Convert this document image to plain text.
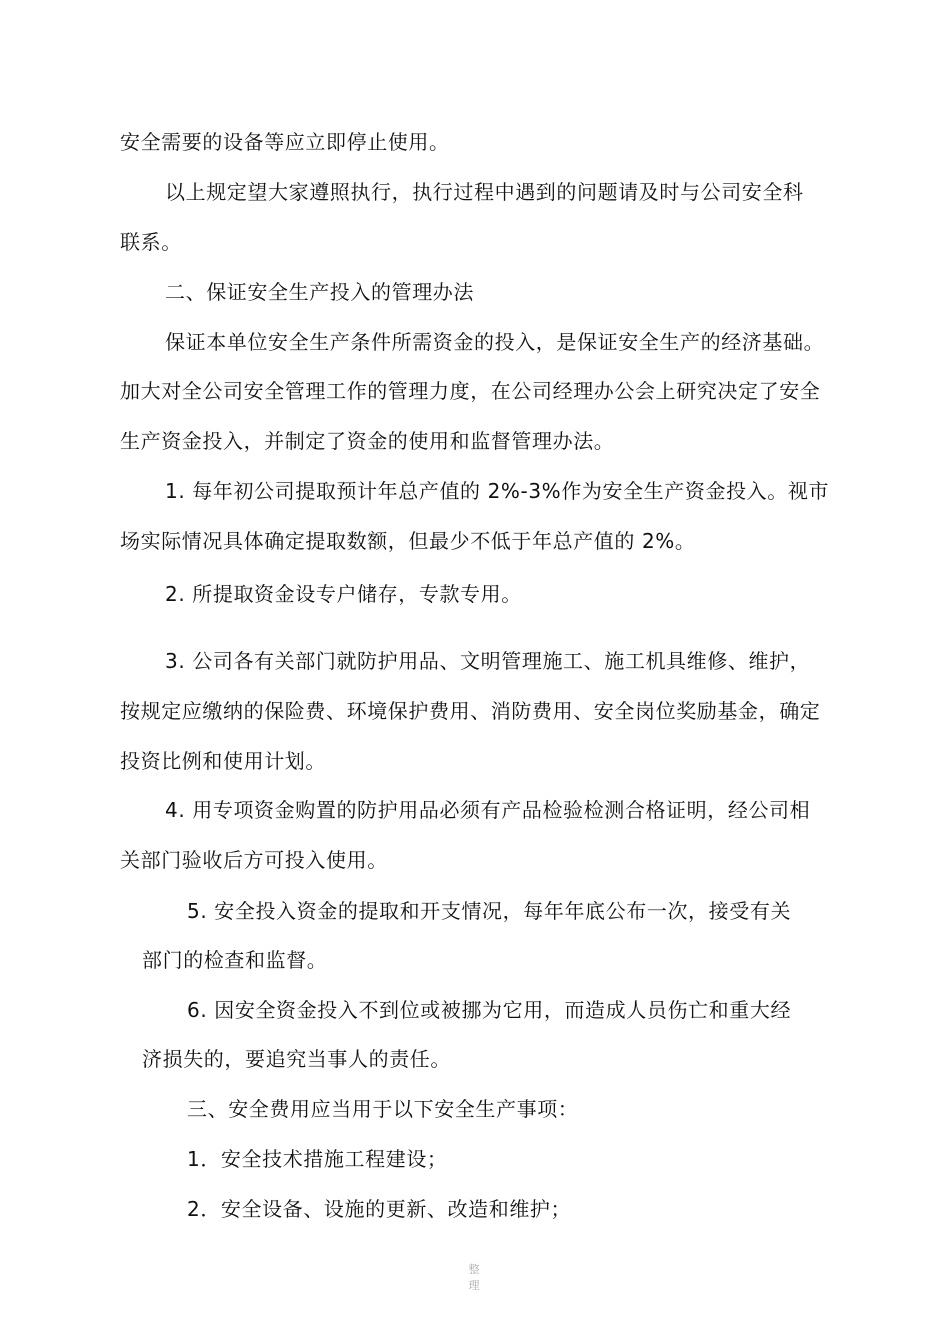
安全需要的设备等应立即停止使用。

以上规定望大家遵照执行，执行过程中遇到的问题请及时与公司安全科

联系。

二、保证安全生产投入的管理办法

保证本单位安全生产条件所需资金的投入，是保证安全生产的经济基础。

加大对全公司安全管理工作的管理力度，在公司经理办公会上研究决定了安全

生产资金投入，并制定了资金的使用和监督管理办法。

1. 每年初公司提取预计年总产值的 2%-3%作为安全生产资金投入。视市

场实际情况具体确定提取数额，但最少不低于年总产值的 2%。

2. 所提取资金设专户储存，专款专用。

3. 公司各有关部门就防护用品、文明管理施工、施工机具维修、维护，

按规定应缴纳的保险费、环境保护费用、消防费用、安全岗位奖励基金，确定

投资比例和使用计划。

4. 用专项资金购置的防护用品必须有产品检验检测合格证明，经公司相

关部门验收后方可投入使用。

5. 安全投入资金的提取和开支情况，每年年底公布一次，接受有关

部门的检查和监督。

6. 因安全资金投入不到位或被挪为它用，而造成人员伤亡和重大经

济损失的，要追究当事人的责任。

三、安全费用应当用于以下安全生产事项：

1．安全技术措施工程建设；

2．安全设备、设施的更新、改造和维护；

整理
